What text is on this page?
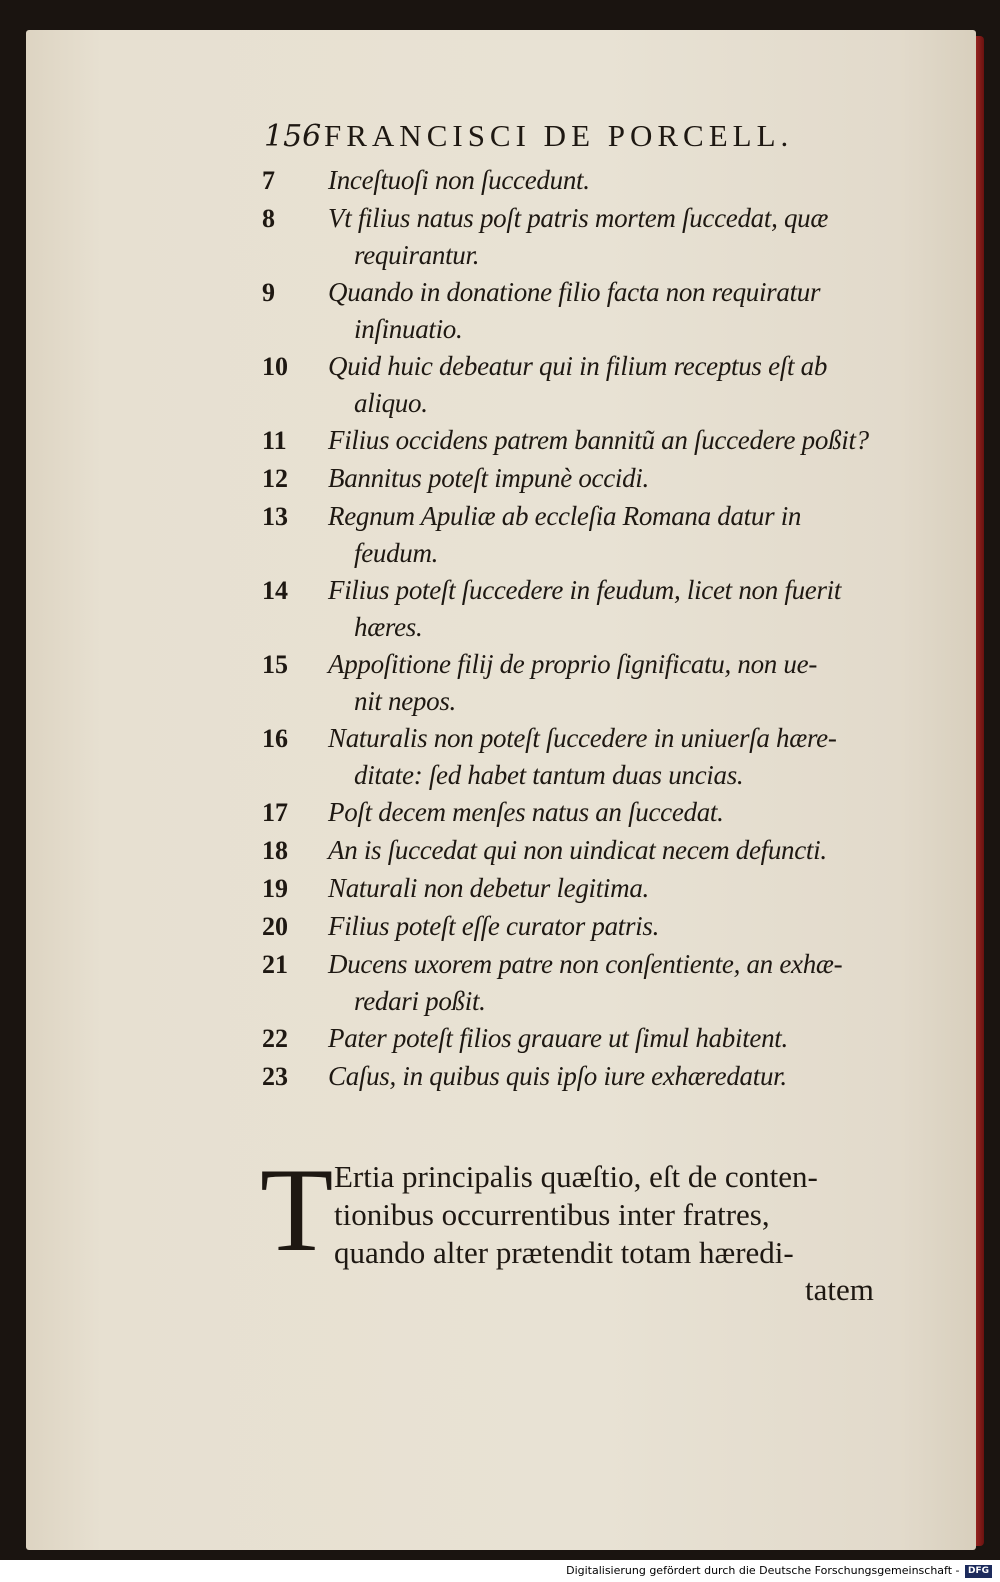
156 FRANCISCI DE PORCELL.
7	Inceſtuoſi non ſuccedunt.
8	Vt filius natus poſt patris mortem ſuccedat, quæ
requirantur.
9	Quando in donatione filio facta non requiratur
inſinuatio.
10	Quid huic debeatur qui in filium receptus eſt ab
aliquo.
11	Filius occidens patrem bannitũ an ſuccedere poßit?
12	Bannitus poteſt impunè occidi.
13	Regnum Apuliæ ab eccleſia Romana datur in
feudum.
14	Filius poteſt ſuccedere in feudum, licet non fuerit
hæres.
15	Appoſitione filij de proprio ſignificatu, non ue-
nit nepos.
16	Naturalis non poteſt ſuccedere in uniuerſa hære-
ditate: ſed habet tantum duas uncias.
17	Poſt decem menſes natus an ſuccedat.
18	An is ſuccedat qui non uindicat necem defuncti.
19	Naturali non debetur legitima.
20	Filius poteſt eſſe curator patris.
21	Ducens uxorem patre non conſentiente, an exhæ-
redari poßit.
22	Pater poteſt filios grauare ut ſimul habitent.
23	Caſus, in quibus quis ipſo iure exhæredatur.
T Ertia principalis quæſtio, eſt de conten-
tionibus occurrentibus inter fratres,
quando alter prætendit totam hæredi-

tatem
Digitalisierung gefördert durch die Deutsche Forschungsgemeinschaft - DFG
